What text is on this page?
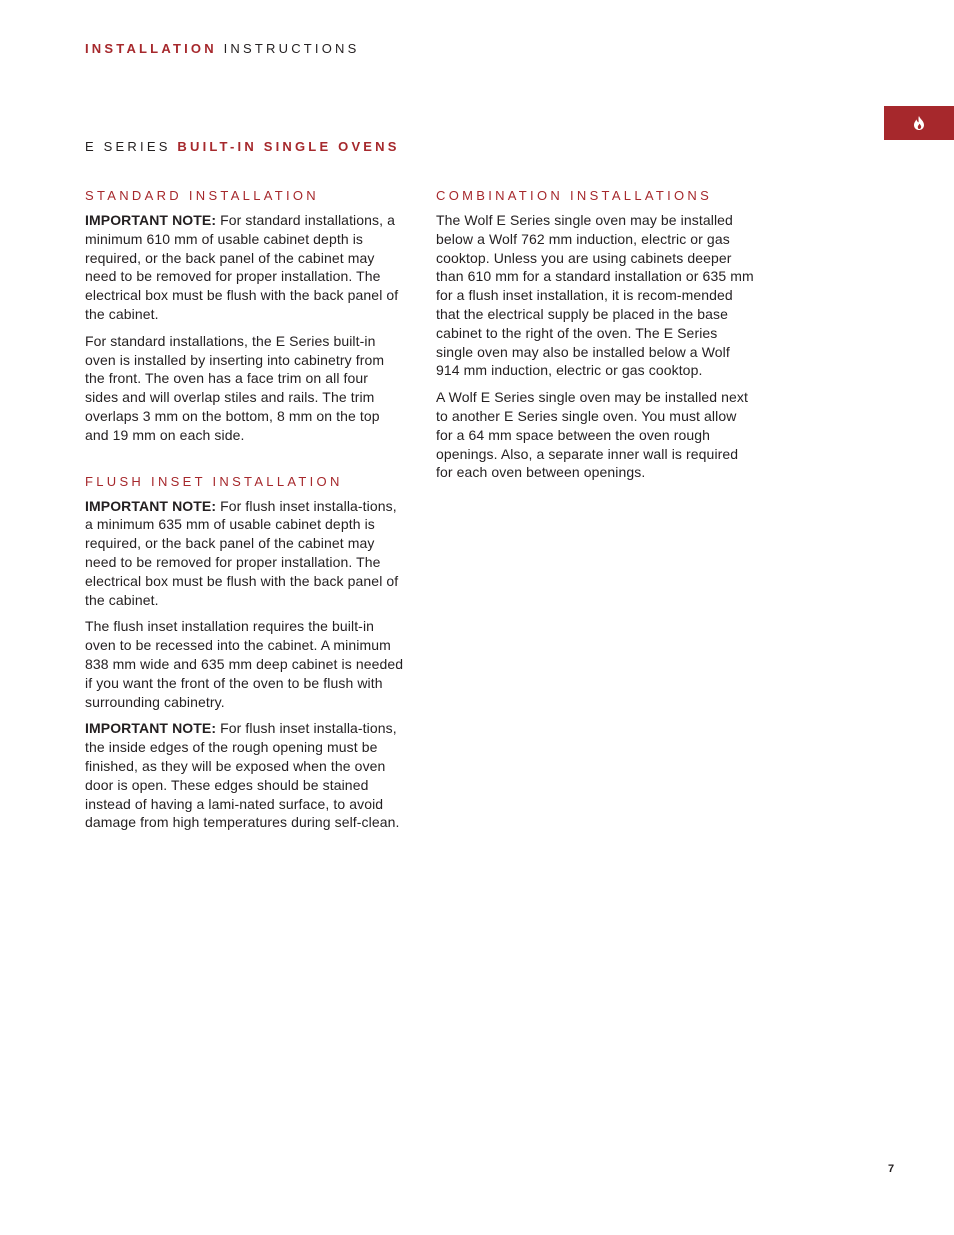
INSTALLATION INSTRUCTIONS
E SERIES BUILT-IN SINGLE OVENS
STANDARD INSTALLATION

IMPORTANT NOTE: For standard installations, a minimum 610 mm of usable cabinet depth is required, or the back panel of the cabinet may need to be removed for proper installation. The electrical box must be flush with the back panel of the cabinet.

For standard installations, the E Series built-in oven is installed by inserting into cabinetry from the front. The oven has a face trim on all four sides and will overlap stiles and rails. The trim overlaps 3 mm on the bottom, 8 mm on the top and 19 mm on each side.

FLUSH INSET INSTALLATION

IMPORTANT NOTE: For flush inset installa-tions, a minimum 635 mm of usable cabinet depth is required, or the back panel of the cabinet may need to be removed for proper installation. The electrical box must be flush with the back panel of the cabinet.

The flush inset installation requires the built-in oven to be recessed into the cabinet. A minimum 838 mm wide and 635 mm deep cabinet is needed if you want the front of the oven to be flush with surrounding cabinetry.

IMPORTANT NOTE: For flush inset installa-tions, the inside edges of the rough opening must be finished, as they will be exposed when the oven door is open. These edges should be stained instead of having a lami-nated surface, to avoid damage from high temperatures during self-clean.

COMBINATION INSTALLATIONS

The Wolf E Series single oven may be installed below a Wolf 762 mm induction, electric or gas cooktop. Unless you are using cabinets deeper than 610 mm for a standard installation or 635 mm for a flush inset installation, it is recom-mended that the electrical supply be placed in the base cabinet to the right of the oven. The E Series single oven may also be installed below a Wolf 914 mm induction, electric or gas cooktop.

A Wolf E Series single oven may be installed next to another E Series single oven. You must allow for a 64 mm space between the oven rough openings. Also, a separate inner wall is required for each oven between openings.

7
